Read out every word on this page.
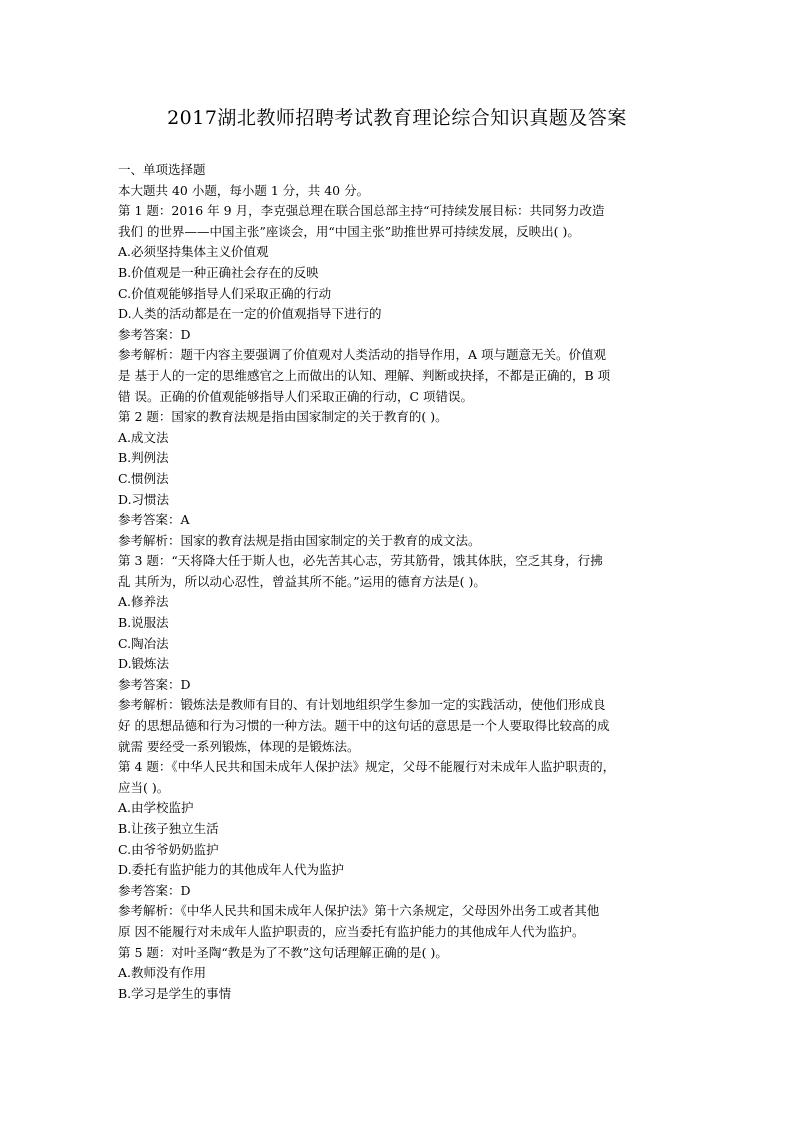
2017湖北教师招聘考试教育理论综合知识真题及答案
一、单项选择题
本大题共 40 小题，每小题 1 分，共 40 分。
第 1 题：2016 年 9 月，李克强总理在联合国总部主持“可持续发展目标：共同努力改造
我们 的世界——中国主张”座谈会，用“中国主张”助推世界可持续发展，反映出( )。
A.必须坚持集体主义价值观
B.价值观是一种正确社会存在的反映
C.价值观能够指导人们采取正确的行动
D.人类的活动都是在一定的价值观指导下进行的
参考答案：D
参考解析：题干内容主要强调了价值观对人类活动的指导作用，A 项与题意无关。价值观
是 基于人的一定的思维感官之上而做出的认知、理解、判断或抉择，不都是正确的，B 项
错 误。正确的价值观能够指导人们采取正确的行动，C 项错误。
第 2 题：国家的教育法规是指由国家制定的关于教育的( )。
A.成文法
B.判例法
C.惯例法
D.习惯法
参考答案：A
参考解析：国家的教育法规是指由国家制定的关于教育的成文法。
第 3 题：“天将降大任于斯人也，必先苦其心志，劳其筋骨，饿其体肤，空乏其身，行拂
乱 其所为，所以动心忍性，曾益其所不能。”运用的德育方法是( )。
A.修养法
B.说服法
C.陶冶法
D.锻炼法
参考答案：D
参考解析：锻炼法是教师有目的、有计划地组织学生参加一定的实践活动，使他们形成良
好 的思想品德和行为习惯的一种方法。题干中的这句话的意思是一个人要取得比较高的成
就需 要经受一系列锻炼，体现的是锻炼法。
第 4 题：《中华人民共和国未成年人保护法》规定，父母不能履行对未成年人监护职责的，
应当( )。
A.由学校监护
B.让孩子独立生活
C.由爷爷奶奶监护
D.委托有监护能力的其他成年人代为监护
参考答案：D
参考解析：《中华人民共和国未成年人保护法》第十六条规定，父母因外出务工或者其他
原 因不能履行对未成年人监护职责的，应当委托有监护能力的其他成年人代为监护。
第 5 题：对叶圣陶“教是为了不教”这句话理解正确的是( )。
A.教师没有作用
B.学习是学生的事情
